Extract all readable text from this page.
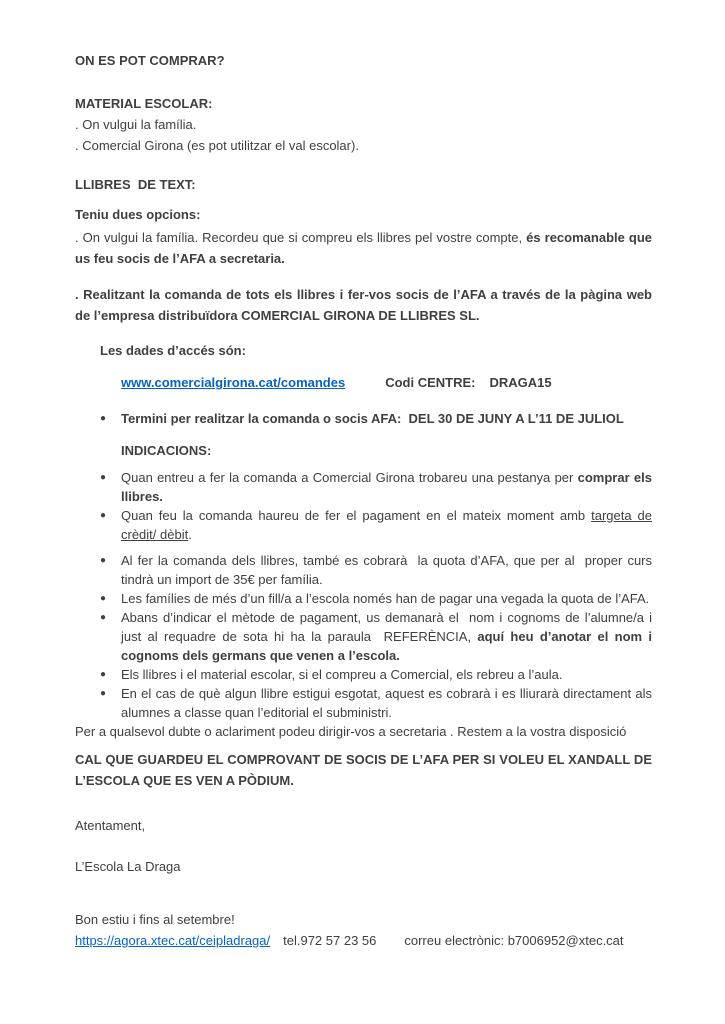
ON ES POT COMPRAR?

MATERIAL ESCOLAR:

. On vulgui la família.

. Comercial Girona (es pot utilitzar el val escolar).

LLIBRES  DE TEXT:

Teniu dues opcions:

. On vulgui la família. Recordeu que si compreu els llibres pel vostre compte, és recomanable que us feu socis de l’AFA a secretaria.

. Realitzant la comanda de tots els llibres i fer-vos socis de l’AFA a través de la pàgina web de l’empresa distribuïdora COMERCIAL GIRONA DE LLIBRES SL.

Les dades d’accés són:

www.comercialgirona.cat/comandes	Codi CENTRE: DRAGA15

●	Termini per realitzar la comanda o socis AFA:  DEL 30 DE JUNY A L’11 DE JULIOL

INDICACIONS:

●	Quan entreu a fer la comanda a Comercial Girona trobareu una pestanya per comprar els llibres.
●	Quan feu la comanda haureu de fer el pagament en el mateix moment amb targeta de crèdit/ dèbit.
●	Al fer la comanda dels llibres, també es cobrarà  la quota d’AFA, que per al  proper curs tindrà un import de 35€ per família.
●	Les famílies de més d’un fill/a a l’escola només han de pagar una vegada la quota de l’AFA.
●	Abans d’indicar el mètode de pagament, us demanarà el  nom i cognoms de l’alumne/a i just al requadre de sota hi ha la paraula  REFERÈNCIA, aquí heu d’anotar el nom i cognoms dels germans que venen a l’escola.
●	Els llibres i el material escolar, si el compreu a Comercial, els rebreu a l’aula.
●	En el cas de què algun llibre estigui esgotat, aquest es cobrarà i es lliurarà directament als alumnes a classe quan l’editorial el subministri.

Per a qualsevol dubte o aclariment podeu dirigir-vos a secretaria . Restem a la vostra disposició

CAL QUE GUARDEU EL COMPROVANT DE SOCIS DE L’AFA PER SI VOLEU EL XANDALL DE L’ESCOLA QUE ES VEN A PÒDIUM.

Atentament,

L’Escola La Draga

Bon estiu i fins al setembre!

https://agora.xtec.cat/ceipladraga/ tel.972 57 23 56 correu electrònic: b7006952@xtec.cat
